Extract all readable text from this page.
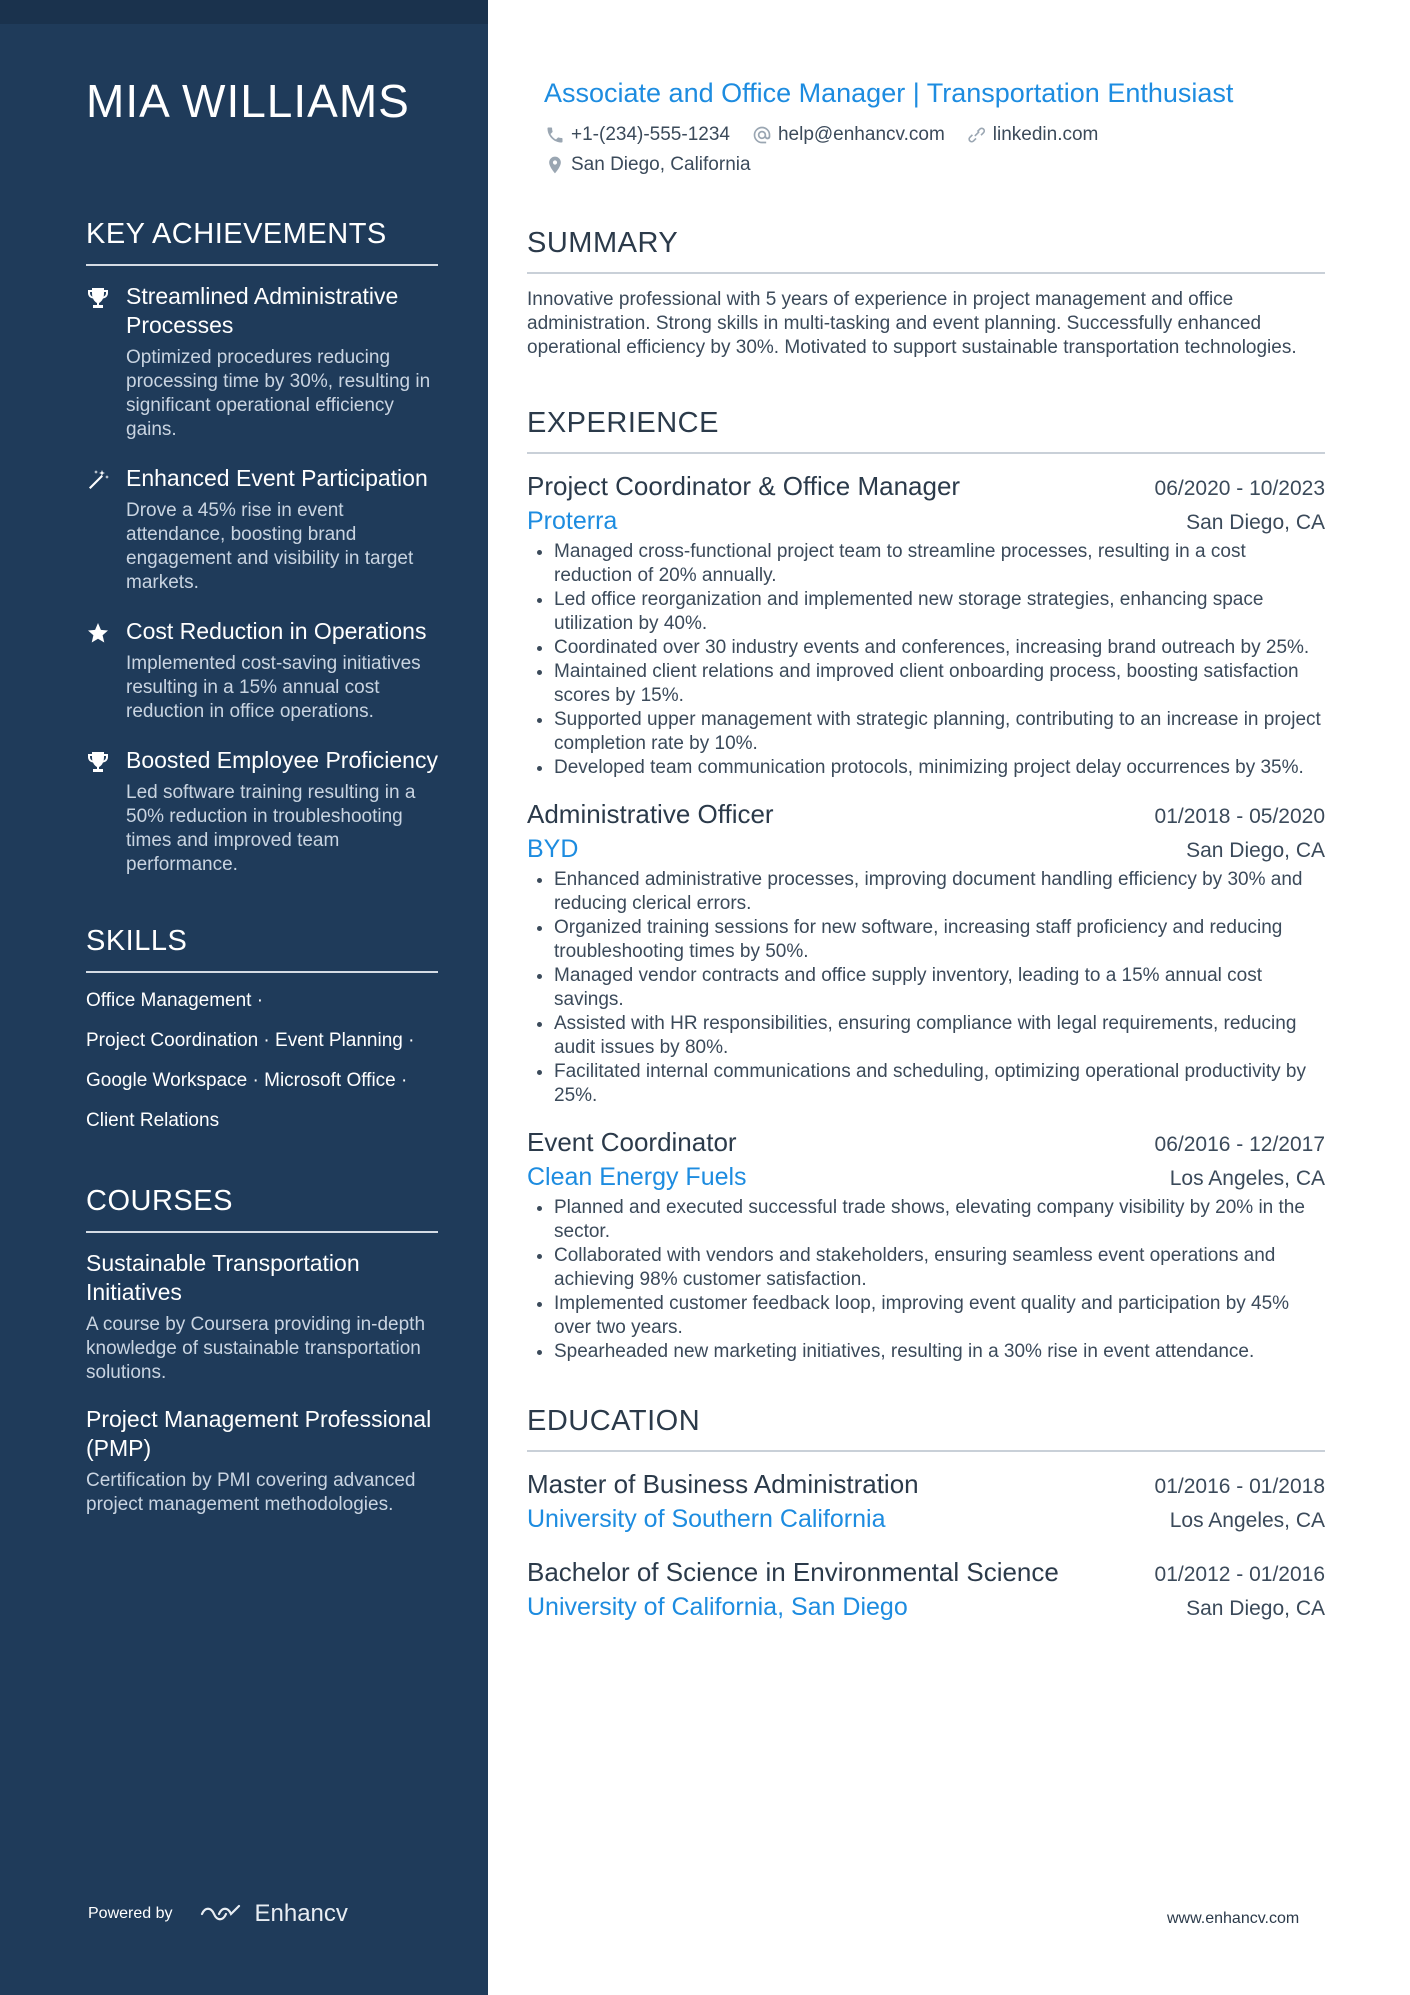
MIA WILLIAMS
KEY ACHIEVEMENTS
Streamlined Administrative Processes
Optimized procedures reducing processing time by 30%, resulting in significant operational efficiency gains.
Enhanced Event Participation
Drove a 45% rise in event attendance, boosting brand engagement and visibility in target markets.
Cost Reduction in Operations
Implemented cost-saving initiatives resulting in a 15% annual cost reduction in office operations.
Boosted Employee Proficiency
Led software training resulting in a 50% reduction in troubleshooting times and improved team performance.
SKILLS
Office Management ·
Project Coordination · Event Planning ·
Google Workspace · Microsoft Office ·
Client Relations
COURSES
Sustainable Transportation Initiatives
A course by Coursera providing in-depth knowledge of sustainable transportation solutions.
Project Management Professional (PMP)
Certification by PMI covering advanced project management methodologies.
Powered by	Enhancv
Associate and Office Manager | Transportation Enthusiast
+1-(234)-555-1234	help@enhancv.com	linkedin.com
San Diego, California
SUMMARY

Innovative professional with 5 years of experience in project management and office administration. Strong skills in multi-tasking and event planning. Successfully enhanced operational efficiency by 30%. Motivated to support sustainable transportation technologies.

EXPERIENCE
Project Coordinator & Office Manager	06/2020 - 10/2023
Proterra	San Diego, CA
• Managed cross-functional project team to streamline processes, resulting in a cost reduction of 20% annually.
• Led office reorganization and implemented new storage strategies, enhancing space utilization by 40%.
• Coordinated over 30 industry events and conferences, increasing brand outreach by 25%.
• Maintained client relations and improved client onboarding process, boosting satisfaction scores by 15%.
• Supported upper management with strategic planning, contributing to an increase in project completion rate by 10%.
• Developed team communication protocols, minimizing project delay occurrences by 35%.
Administrative Officer	01/2018 - 05/2020
BYD	San Diego, CA
• Enhanced administrative processes, improving document handling efficiency by 30% and reducing clerical errors.
• Organized training sessions for new software, increasing staff proficiency and reducing troubleshooting times by 50%.
• Managed vendor contracts and office supply inventory, leading to a 15% annual cost savings.
• Assisted with HR responsibilities, ensuring compliance with legal requirements, reducing audit issues by 80%.
• Facilitated internal communications and scheduling, optimizing operational productivity by 25%.
Event Coordinator	06/2016 - 12/2017
Clean Energy Fuels	Los Angeles, CA
• Planned and executed successful trade shows, elevating company visibility by 20% in the sector.
• Collaborated with vendors and stakeholders, ensuring seamless event operations and achieving 98% customer satisfaction.
• Implemented customer feedback loop, improving event quality and participation by 45% over two years.
• Spearheaded new marketing initiatives, resulting in a 30% rise in event attendance.
EDUCATION
Master of Business Administration	01/2016 - 01/2018
University of Southern California	Los Angeles, CA
Bachelor of Science in Environmental Science	01/2012 - 01/2016
University of California, San Diego	San Diego, CA
www.enhancv.com
